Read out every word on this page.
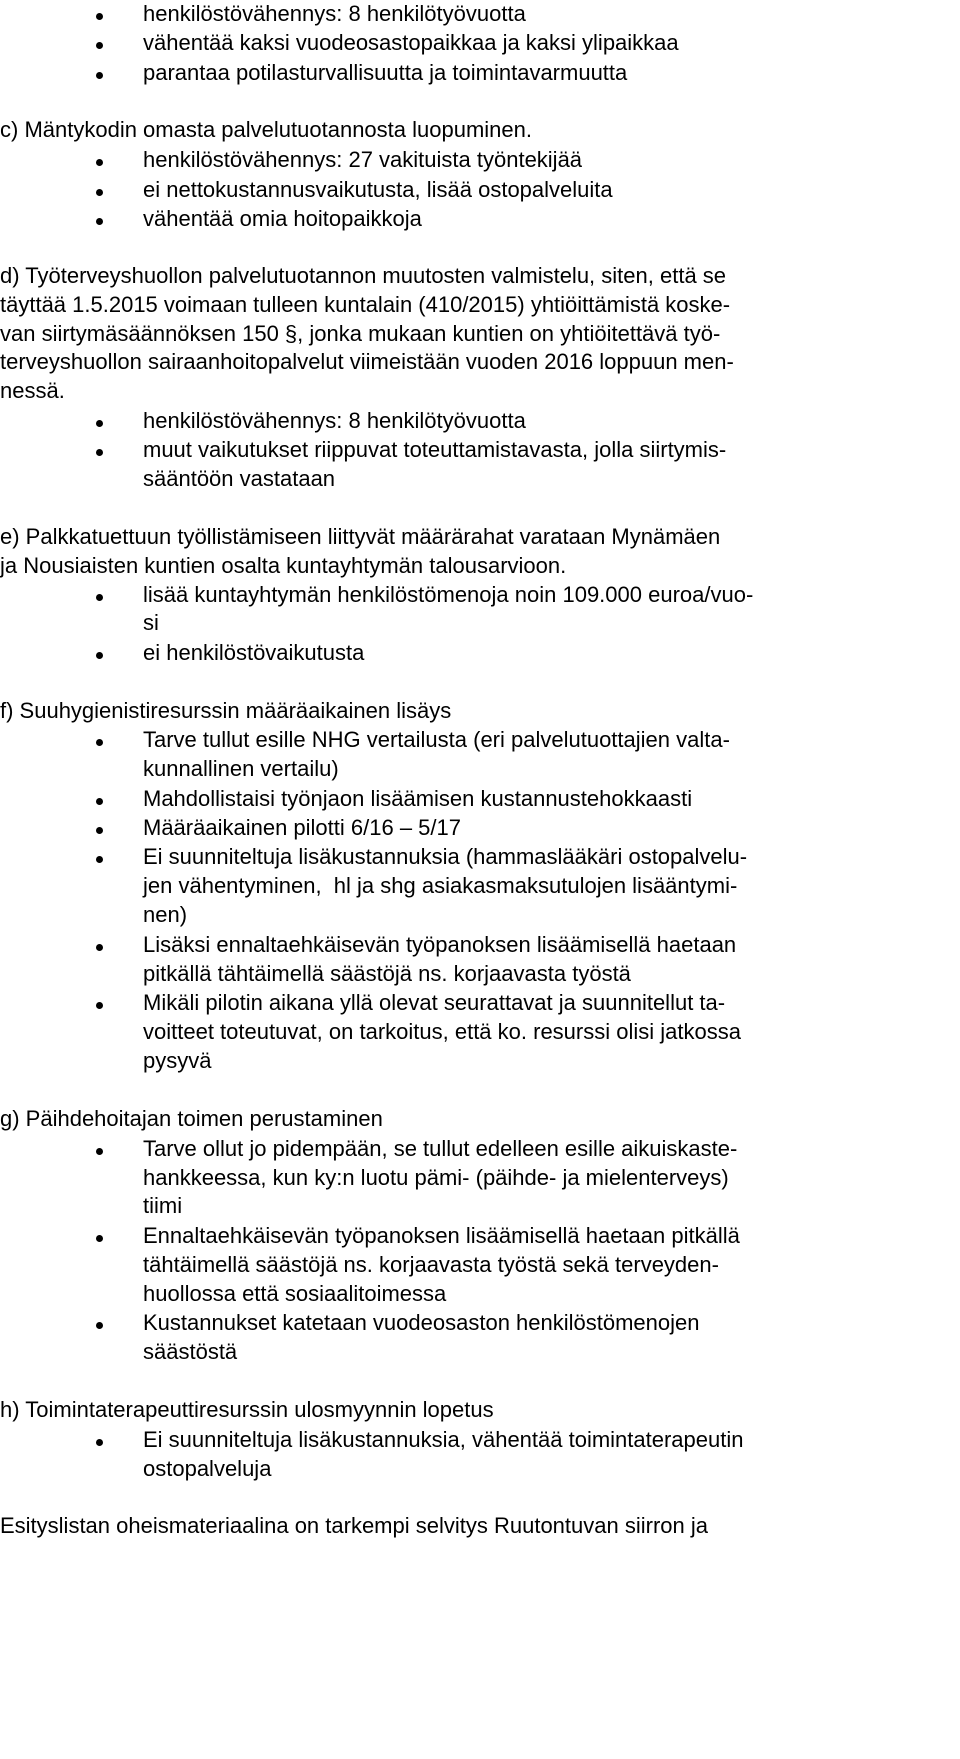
henkilöstövähennys: 8 henkilötyövuotta
vähentää kaksi vuodeosastopaikkaa ja kaksi ylipaikkaa
parantaa potilasturvallisuutta ja toimintavarmuutta
c) Mäntykodin omasta palvelutuotannosta luopuminen.
henkilöstövähennys: 27 vakituista työntekijää
ei nettokustannusvaikutusta, lisää ostopalveluita
vähentää omia hoitopaikkoja
d) Työterveyshuollon palvelutuotannon muutosten valmistelu, siten, että se
täyttää 1.5.2015 voimaan tulleen kuntalain (410/2015) yhtiöittämistä koske-
van siirtymäsäännöksen 150 §, jonka mukaan kuntien on yhtiöitettävä työ-
terveyshuollon sairaanhoitopalvelut viimeistään vuoden 2016 loppuun men-
nessä.
henkilöstövähennys: 8 henkilötyövuotta
muut vaikutukset riippuvat toteuttamistavasta, jolla siirtymis-
sääntöön vastataan
e) Palkkatuettuun työllistämiseen liittyvät määrärahat varataan Mynämäen
ja Nousiaisten kuntien osalta kuntayhtymän talousarvioon.
lisää kuntayhtymän henkilöstömenoja noin 109.000 euroa/vuo-
si
ei henkilöstövaikutusta
f) Suuhygienistiresurssin määräaikainen lisäys
Tarve tullut esille NHG vertailusta (eri palvelutuottajien valta-
kunnallinen vertailu)
Mahdollistaisi työnjaon lisäämisen kustannustehokkaasti
Määräaikainen pilotti 6/16 – 5/17
Ei suunniteltuja lisäkustannuksia (hammaslääkäri ostopalvelu-
jen vähentyminen,  hl ja shg asiakasmaksutulojen lisääntymi-
nen)
Lisäksi ennaltaehkäisevän työpanoksen lisäämisellä haetaan
pitkällä tähtäimellä säästöjä ns. korjaavasta työstä
Mikäli pilotin aikana yllä olevat seurattavat ja suunnitellut ta-
voitteet toteutuvat, on tarkoitus, että ko. resurssi olisi jatkossa
pysyvä
g) Päihdehoitajan toimen perustaminen
Tarve ollut jo pidempään, se tullut edelleen esille aikuiskaste-
hankkeessa, kun ky:n luotu pämi- (päihde- ja mielenterveys)
tiimi
Ennaltaehkäisevän työpanoksen lisäämisellä haetaan pitkällä
tähtäimellä säästöjä ns. korjaavasta työstä sekä terveyden-
huollossa että sosiaalitoimessa
Kustannukset katetaan vuodeosaston henkilöstömenojen
säästöstä
h) Toimintaterapeuttiresurssin ulosmyynnin lopetus
Ei suunniteltuja lisäkustannuksia, vähentää toimintaterapeutin
ostopalveluja
Esityslistan oheismateriaalina on tarkempi selvitys Ruutontuvan siirron ja
